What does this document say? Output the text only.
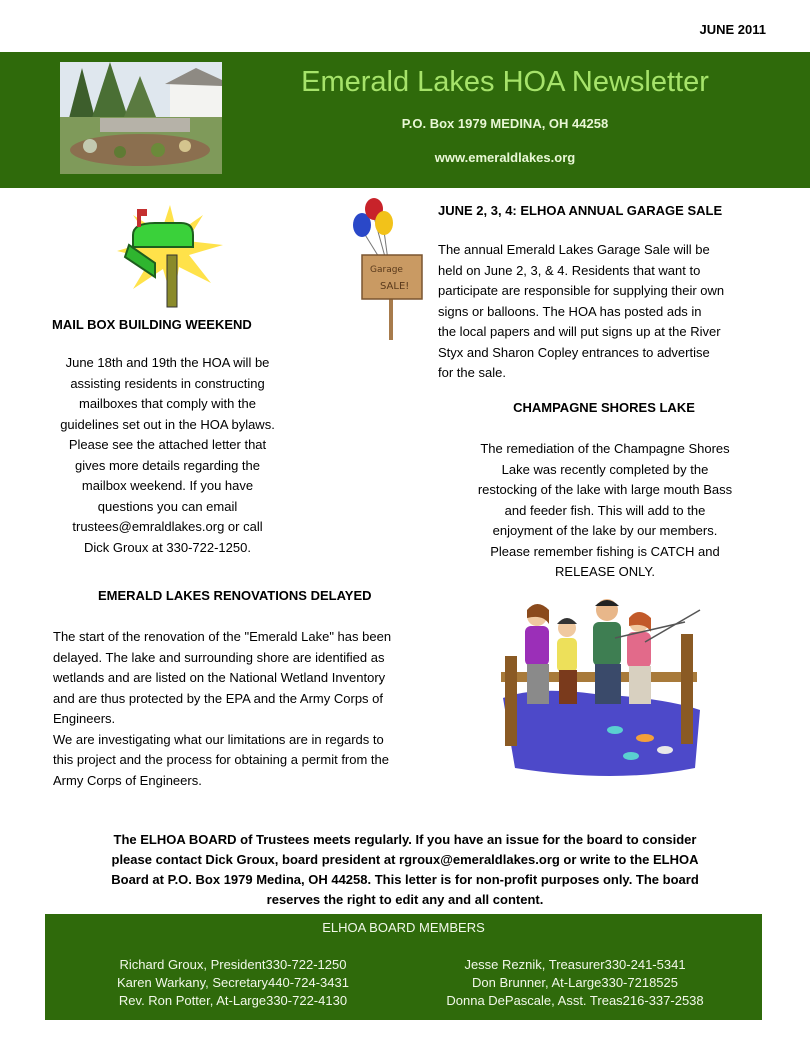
JUNE 2011
Emerald Lakes HOA Newsletter
P.O. Box 1979 MEDINA, OH 44258
www.emeraldlakes.org
Garage
SALE!
MAIL BOX BUILDING WEEKEND
June 18th and 19th the HOA will be
assisting residents in constructing
mailboxes that comply with the
guidelines set out in the HOA bylaws.
Please see the attached letter that
gives more details regarding the
mailbox weekend. If you have
questions you can email
trustees@emraldlakes.org or call
Dick Groux at 330-722-1250.
JUNE 2, 3, 4: ELHOA ANNUAL GARAGE SALE
The annual Emerald Lakes Garage Sale will be
held on June 2, 3, & 4. Residents that want to
participate are responsible for supplying their own
signs or balloons. The HOA has posted ads in
the local papers and will put signs up at the River
Styx and Sharon Copley entrances to advertise
for the sale.
CHAMPAGNE SHORES LAKE
The remediation of the Champagne Shores
Lake was recently completed by the
restocking of the lake with large mouth Bass
and feeder fish. This will add to the
enjoyment of the lake by our members.
Please remember fishing is CATCH and
RELEASE ONLY.
EMERALD LAKES RENOVATIONS DELAYED
The start of the renovation of the "Emerald Lake" has been
delayed. The lake and surrounding shore are identified as
wetlands and are listed on the National Wetland Inventory
and are thus protected by the EPA and the Army Corps of
Engineers.
We are investigating what our limitations are in regards to
this project and the process for obtaining a permit from the
Army Corps of Engineers.
The ELHOA BOARD of Trustees meets regularly. If you have an issue for the board to consider
please contact Dick Groux, board president at rgroux@emeraldlakes.org or write to the ELHOA
Board at P.O. Box 1979 Medina, OH 44258. This letter is for non-profit purposes only. The board
reserves the right to edit any and all content.
ELHOA BOARD MEMBERS
Richard Groux, President330-722-1250
Karen Warkany, Secretary440-724-3431
Rev. Ron Potter, At-Large330-722-4130
Jesse Reznik, Treasurer330-241-5341
Don Brunner, At-Large330-7218525
Donna DePascale, Asst. Treas216-337-2538
